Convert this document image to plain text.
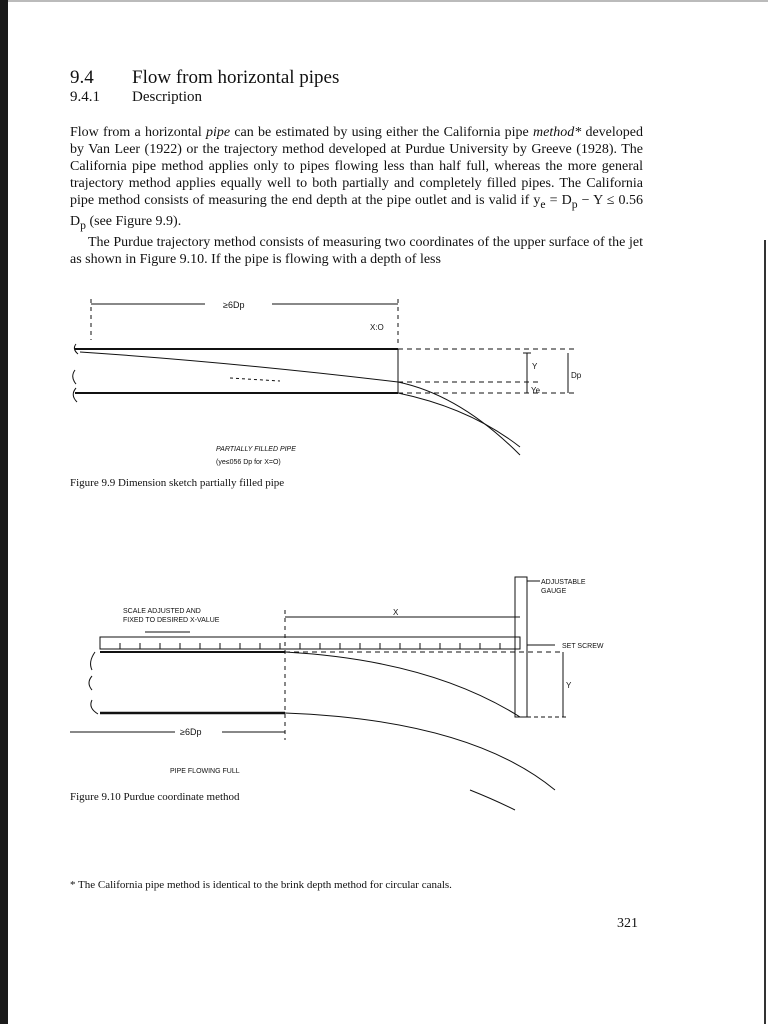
9.4 Flow from horizontal pipes
9.4.1 Description

Flow from a horizontal pipe can be estimated by using either the California pipe method* developed by Van Leer (1922) or the trajectory method developed at Purdue University by Greeve (1928). The California pipe method applies only to pipes flowing less than half full, whereas the more general trajectory method applies equally well to both partially and completely filled pipes. The California pipe method consists of measuring the end depth at the pipe outlet and is valid if $y_e = D_p - Y \le 0.56$ $D_p$ (see Figure 9.9).

The Purdue trajectory method consists of measuring two coordinates of the upper surface of the jet as shown in Figure 9.10. If the pipe is flowing with a depth of less

≥6Dp
X:O
Y
Ye
Dp
PARTIALLY FILLED PIPE
(ye≤056 Dp for X=O)
Figure 9.9 Dimension sketch partially filled pipe
ADJUSTABLE
GAUGE
SCALE ADJUSTED AND
FIXED TO DESIRED X-VALUE
X
SET SCREW
Y
≥6Dp
PIPE FLOWING FULL
Figure 9.10 Purdue coordinate method
* The California pipe method is identical to the brink depth method for circular canals.
321
